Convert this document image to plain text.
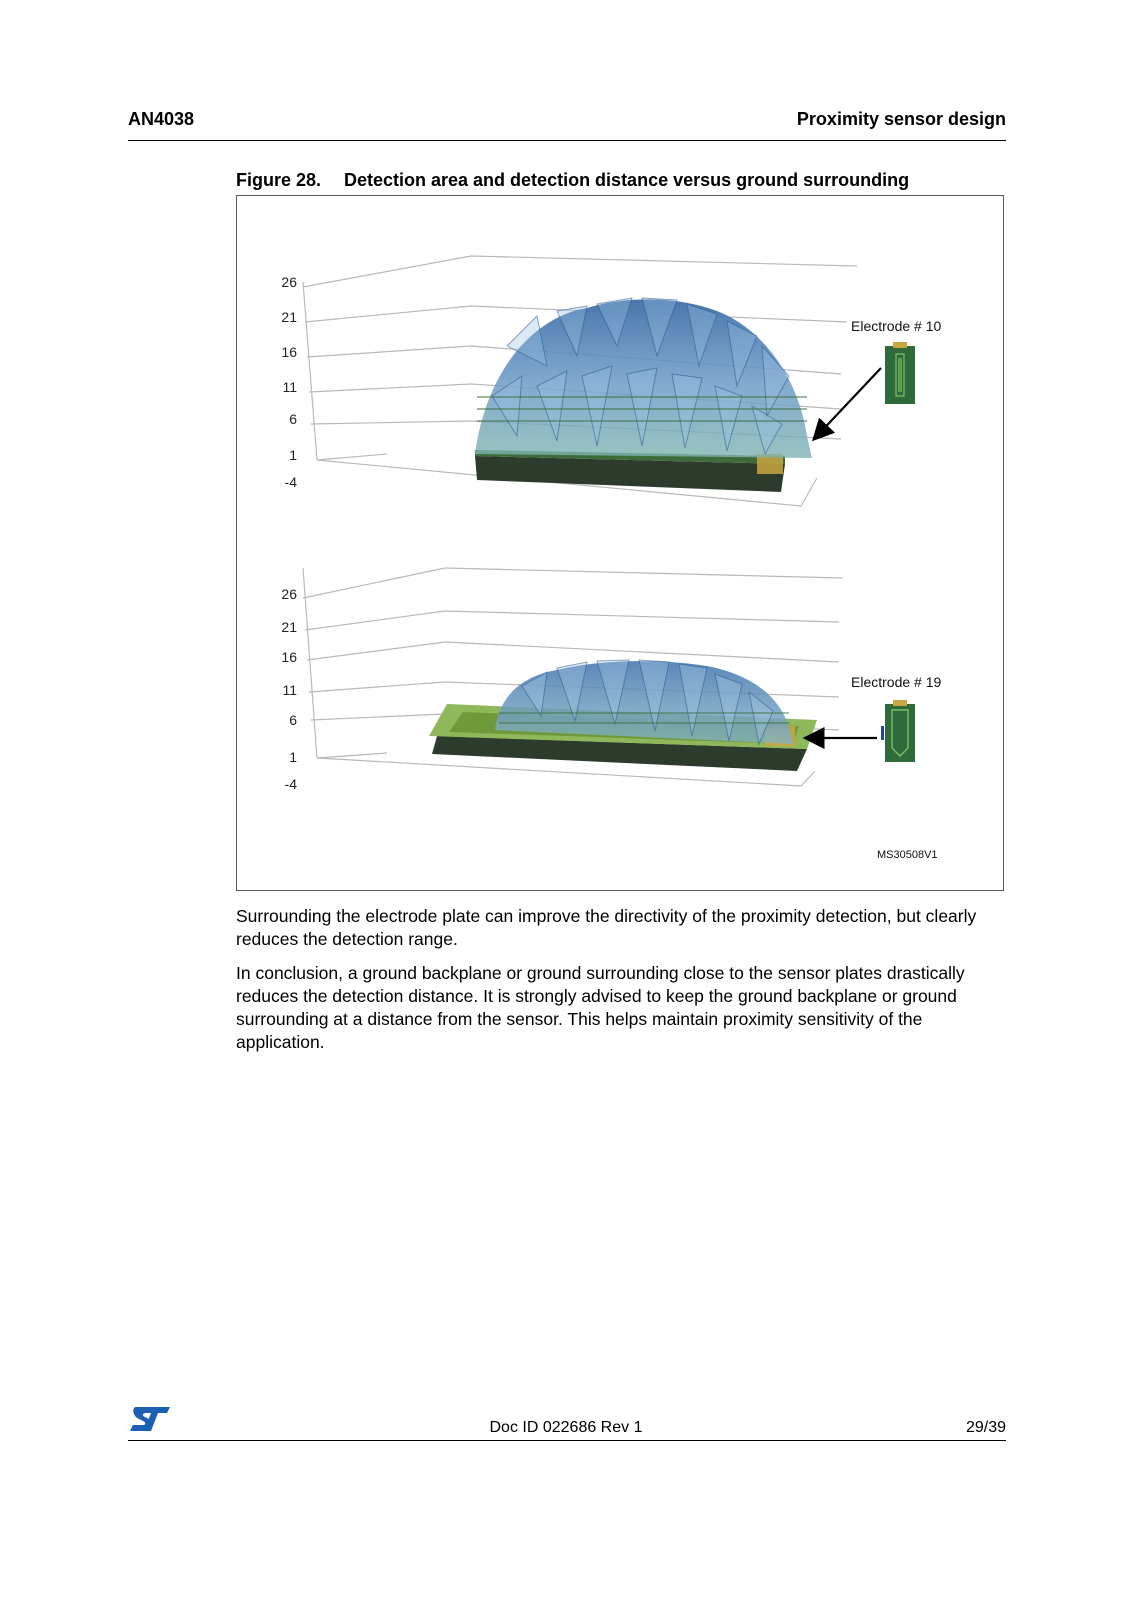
AN4038	Proximity sensor design
Figure 28. Detection area and detection distance versus ground surrounding
26
21
16
11
6
1
-4
Electrode # 10
26
21
16
11
6
1
-4
Electrode # 19
MS30508V1

Surrounding the electrode plate can improve the directivity of the proximity detection, but clearly reduces the detection range.

In conclusion, a ground backplane or ground surrounding close to the sensor plates drastically reduces the detection distance. It is strongly advised to keep the ground backplane or ground surrounding at a distance from the sensor. This helps maintain proximity sensitivity of the application.

Doc ID 022686 Rev 1	29/39
